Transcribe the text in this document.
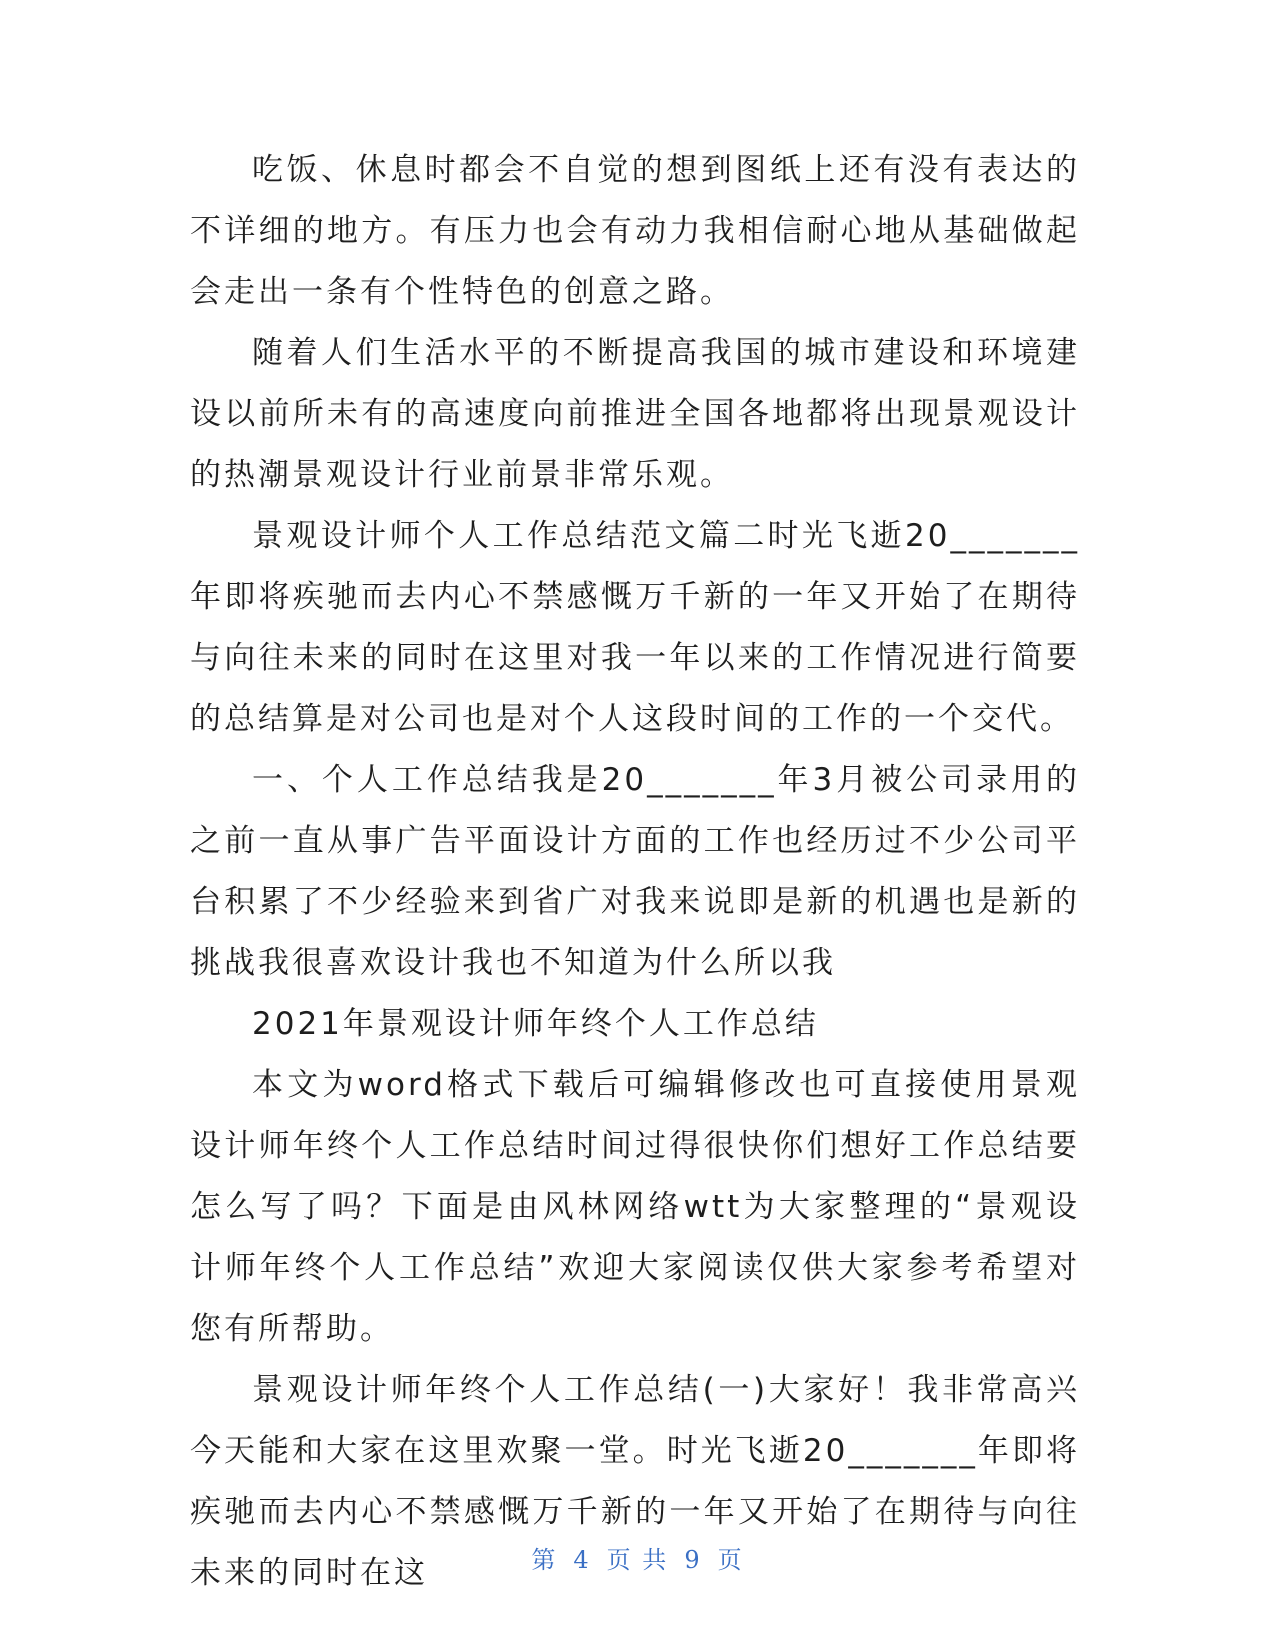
吃饭、休息时都会不自觉的想到图纸上还有没有表达的不详细的地方。有压力也会有动力我相信耐心地从基础做起会走出一条有个性特色的创意之路。

随着人们生活水平的不断提高我国的城市建设和环境建设以前所未有的高速度向前推进全国各地都将出现景观设计的热潮景观设计行业前景非常乐观。

景观设计师个人工作总结范文篇二时光飞逝20_______年即将疾驰而去内心不禁感慨万千新的一年又开始了在期待与向往未来的同时在这里对我一年以来的工作情况进行简要的总结算是对公司也是对个人这段时间的工作的一个交代。

一、个人工作总结我是20_______年3月被公司录用的之前一直从事广告平面设计方面的工作也经历过不少公司平台积累了不少经验来到省广对我来说即是新的机遇也是新的挑战我很喜欢设计我也不知道为什么所以我

2021年景观设计师年终个人工作总结

本文为word格式下载后可编辑修改也可直接使用景观设计师年终个人工作总结时间过得很快你们想好工作总结要怎么写了吗？下面是由风林网络wtt为大家整理的“景观设计师年终个人工作总结”欢迎大家阅读仅供大家参考希望对您有所帮助。

景观设计师年终个人工作总结(一)大家好！我非常高兴今天能和大家在这里欢聚一堂。时光飞逝20_______年即将疾驰而去内心不禁感慨万千新的一年又开始了在期待与向往未来的同时在这	第 4 页 共 9 页
